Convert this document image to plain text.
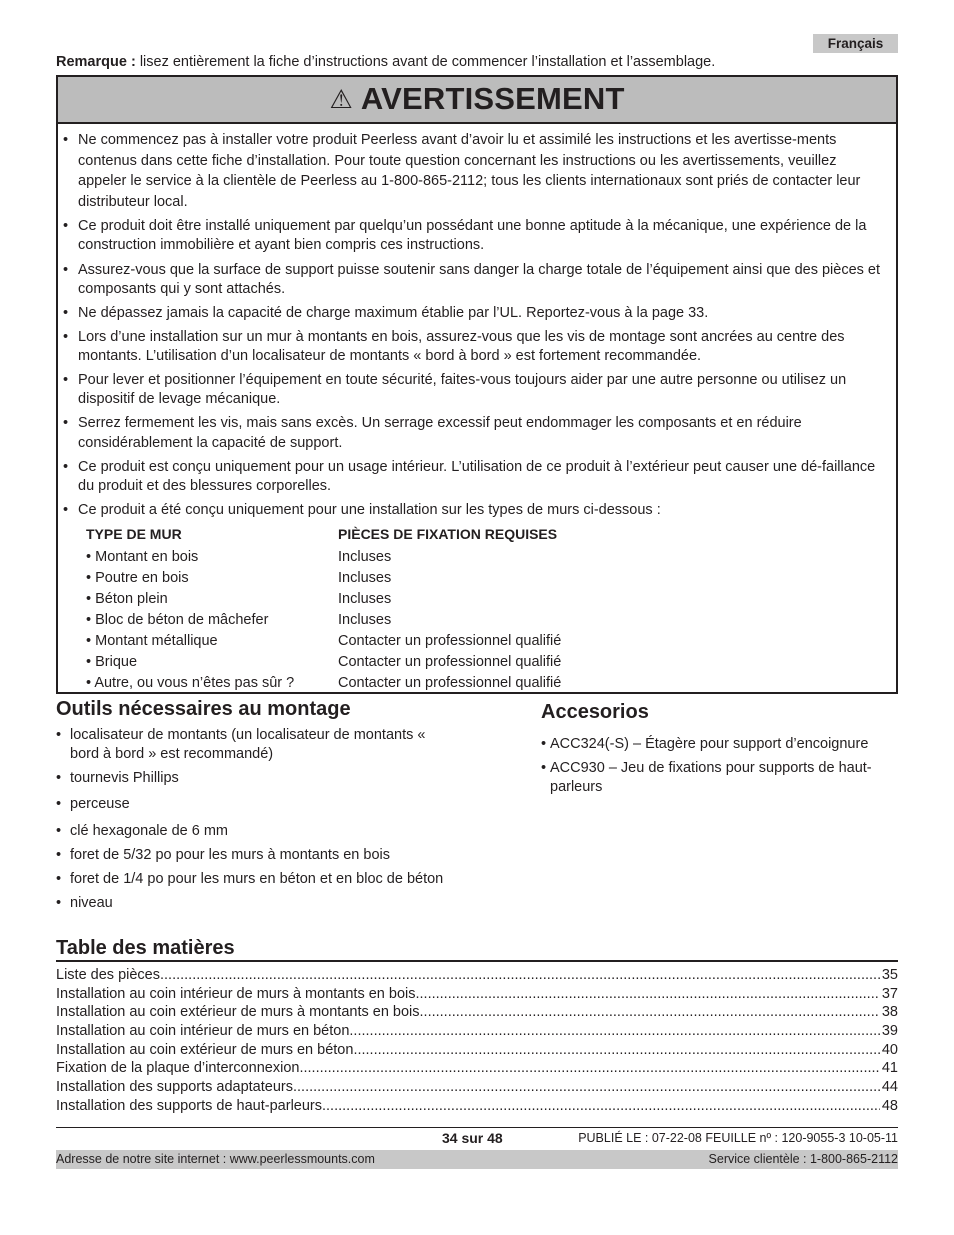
Français
Remarque : lisez entièrement la fiche d’instructions avant de commencer l’installation et l’assemblage.
⚠ AVERTISSEMENT
• Ne commencez pas à installer votre produit Peerless avant d’avoir lu et assimilé les instructions et les avertisse-ments contenus dans cette fiche d’installation. Pour toute question concernant les instructions ou les avertissements, veuillez appeler le service à la clientèle de Peerless au 1-800-865-2112; tous les clients internationaux sont priés de contacter leur distributeur local.
• Ce produit doit être installé uniquement par quelqu’un possédant une bonne aptitude à la mécanique, une expérience de la construction immobilière et ayant bien compris ces instructions.
• Assurez-vous que la surface de support puisse soutenir sans danger la charge totale de l’équipement ainsi que des pièces et composants qui y sont attachés.
• Ne dépassez jamais la capacité de charge maximum établie par l’UL. Reportez-vous à la page 33.
• Lors d’une installation sur un mur à montants en bois, assurez-vous que les vis de montage sont ancrées au centre des montants. L’utilisation d’un localisateur de montants « bord à bord » est fortement recommandée.
• Pour lever et positionner l’équipement en toute sécurité, faites-vous toujours aider par une autre personne ou utilisez un dispositif de levage mécanique.
• Serrez fermement les vis, mais sans excès. Un serrage excessif peut endommager les composants et en réduire considérablement la capacité de support.
• Ce produit est conçu uniquement pour un usage intérieur. L’utilisation de ce produit à l’extérieur peut causer une dé-faillance du produit et des blessures corporelles.
• Ce produit a été conçu uniquement pour une installation sur les types de murs ci-dessous :
TYPE DE MUR	PIÈCES DE FIXATION REQUISES
• Montant en bois	Incluses
• Poutre en bois	Incluses
• Béton plein	Incluses
• Bloc de béton de mâchefer	Incluses
• Montant métallique	Contacter un professionnel qualifié
• Brique	Contacter un professionnel qualifié
• Autre, ou vous n’êtes pas sûr ?	Contacter un professionnel qualifié
Outils nécessaires au montage
• localisateur de montants (un localisateur de montants « bord à bord » est recommandé)
• tournevis Phillips
• perceuse
• clé hexagonale de 6 mm
• foret de 5/32 po pour les murs à montants en bois
• foret de 1/4 po pour les murs en béton et en bloc de béton
• niveau
Accesorios
• ACC324(-S) – Étagère pour support d’encoignure
• ACC930 – Jeu de fixations pour supports de haut-parleurs
Table des matières
Liste des pièces .....	35
Installation au coin intérieur de murs à montants en bois .....	37
Installation au coin extérieur de murs à montants en bois .....	38
Installation au coin intérieur de murs en béton .....	39
Installation au coin extérieur de murs en béton .....	40
Fixation de la plaque d’interconnexion .....	41
Installation des supports adaptateurs .....	44
Installation des supports de haut-parleurs .....	48
34 sur 48	PUBLIÉ LE : 07-22-08 FEUILLE nº : 120-9055-3 10-05-11
Adresse de notre site internet : www.peerlessmounts.com	Service clientèle : 1-800-865-2112
